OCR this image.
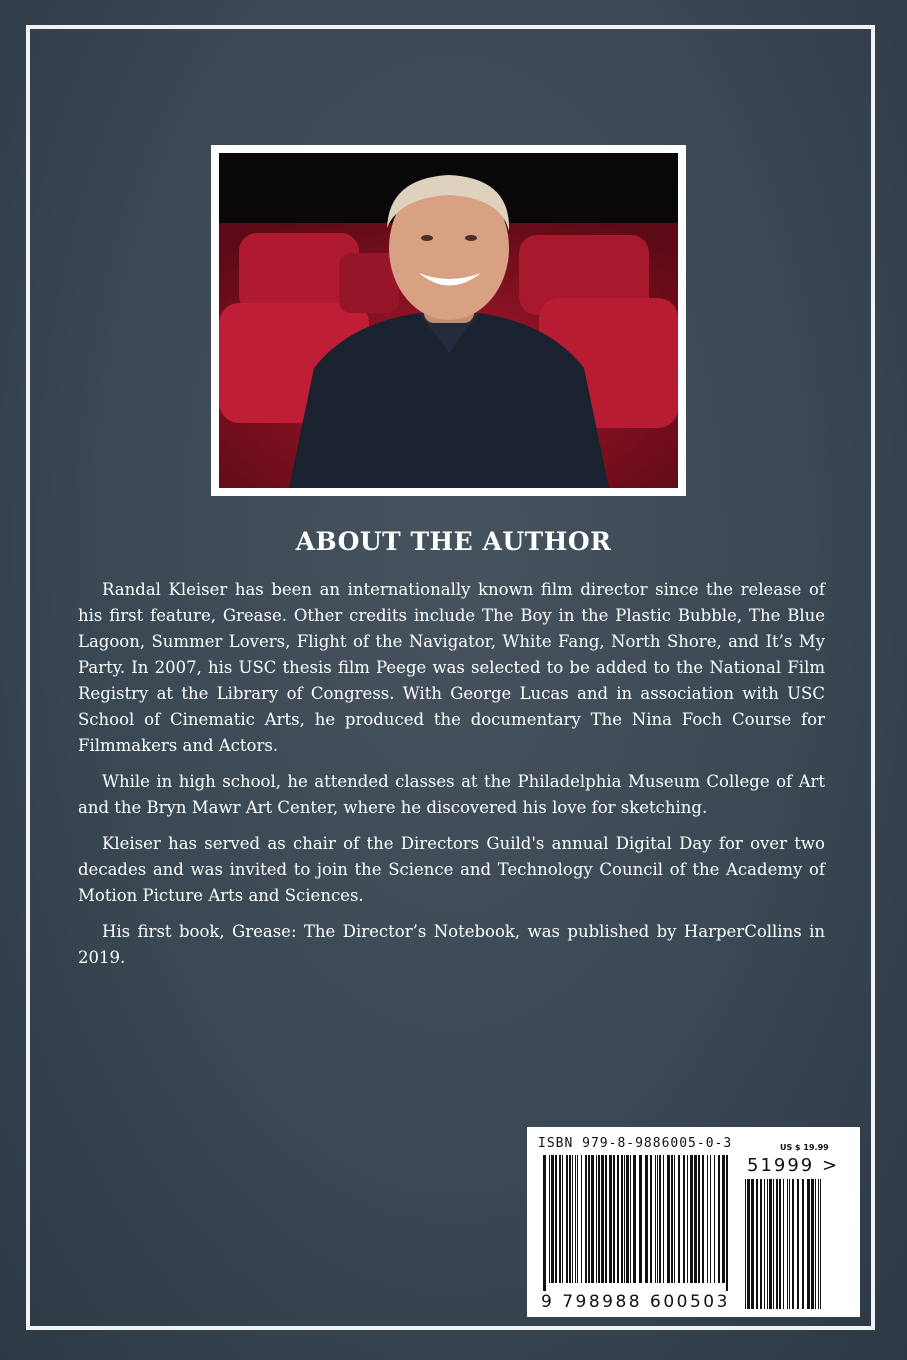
ABOUT THE AUTHOR

Randal Kleiser has been an internationally known film director since the release of his first feature, Grease. Other credits include The Boy in the Plastic Bubble, The Blue Lagoon, Summer Lovers, Flight of the Navigator, White Fang, North Shore, and It’s My Party. In 2007, his USC thesis film Peege was selected to be added to the National Film Registry at the Library of Congress. With George Lucas and in association with USC School of Cinematic Arts, he produced the documentary The Nina Foch Course for Filmmakers and Actors.

While in high school, he attended classes at the Philadelphia Museum College of Art and the Bryn Mawr Art Center, where he discovered his love for sketching.

Kleiser has served as chair of the Directors Guild's annual Digital Day for over two decades and was invited to join the Science and Technology Council of the Academy of Motion Picture Arts and Sciences.

His first book, Grease: The Director’s Notebook, was published by HarperCollins in 2019.

ISBN 979-8-9886005-0-3	US $ 19.99
51999 >
9 798988 600503
